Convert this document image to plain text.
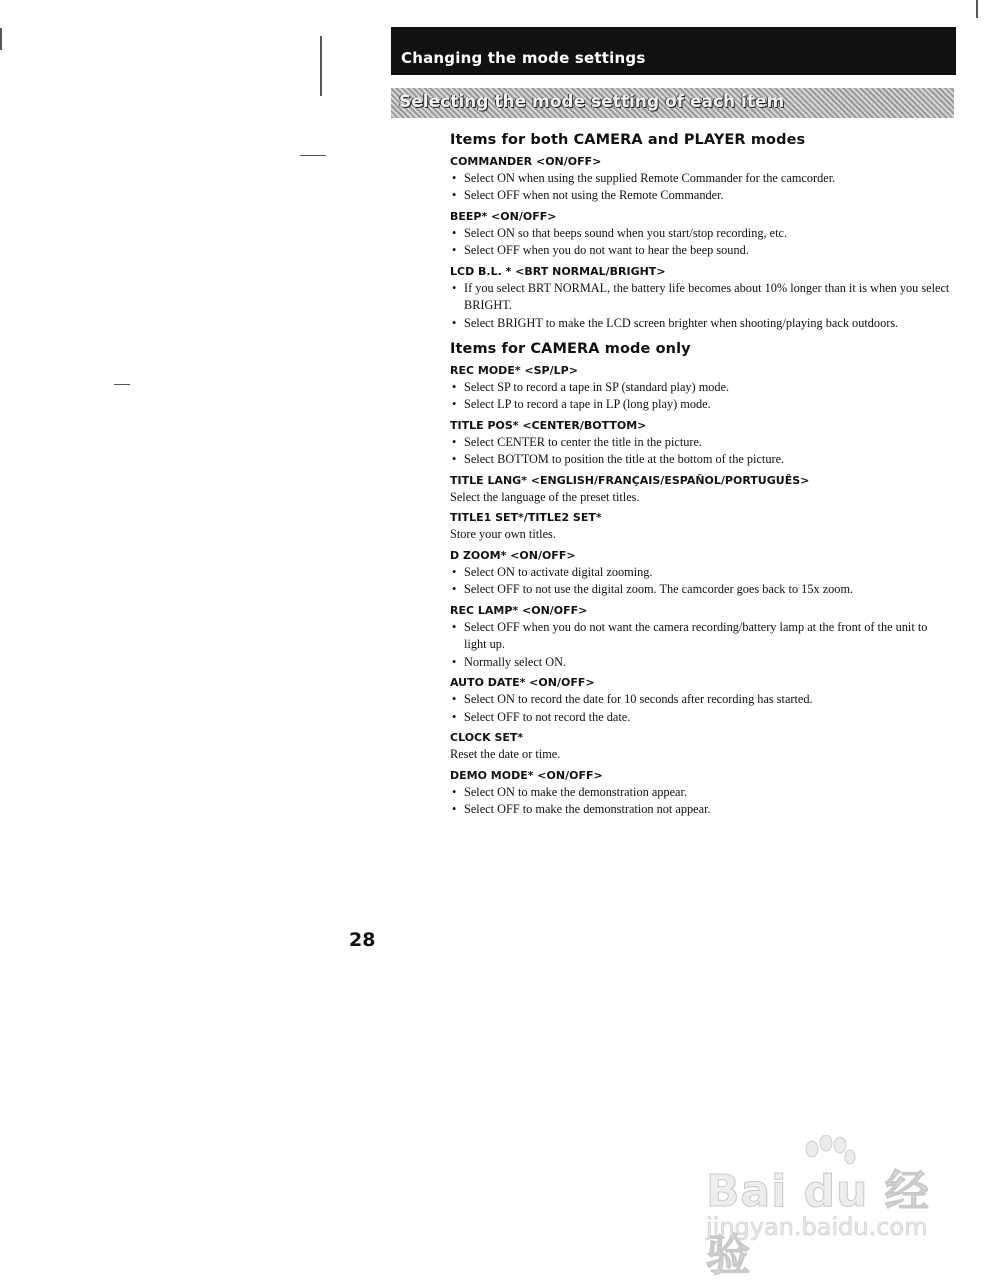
Changing the mode settings
Selecting the mode setting of each item
Items for both CAMERA and PLAYER modes
COMMANDER <ON/OFF>
• Select ON when using the supplied Remote Commander for the camcorder.
• Select OFF when not using the Remote Commander.
BEEP* <ON/OFF>
• Select ON so that beeps sound when you start/stop recording, etc.
• Select OFF when you do not want to hear the beep sound.
LCD B.L. * <BRT NORMAL/BRIGHT>
• If you select BRT NORMAL, the battery life becomes about 10% longer than it is when you select BRIGHT.
• Select BRIGHT to make the LCD screen brighter when shooting/playing back outdoors.
Items for CAMERA mode only
REC MODE* <SP/LP>
• Select SP to record a tape in SP (standard play) mode.
• Select LP to record a tape in LP (long play) mode.
TITLE POS* <CENTER/BOTTOM>
• Select CENTER to center the title in the picture.
• Select BOTTOM to position the title at the bottom of the picture.
TITLE LANG* <ENGLISH/FRANÇAIS/ESPAÑOL/PORTUGUÊS>

Select the language of the preset titles.

TITLE1 SET*/TITLE2 SET*

Store your own titles.

D ZOOM* <ON/OFF>
• Select ON to activate digital zooming.
• Select OFF to not use the digital zoom. The camcorder goes back to 15x zoom.
REC LAMP* <ON/OFF>
• Select OFF when you do not want the camera recording/battery lamp at the front of the unit to light up.
• Normally select ON.
AUTO DATE* <ON/OFF>
• Select ON to record the date for 10 seconds after recording has started.
• Select OFF to not record the date.
CLOCK SET*

Reset the date or time.

DEMO MODE* <ON/OFF>
• Select ON to make the demonstration appear.
• Select OFF to make the demonstration not appear.
28
Bai du 经验
jingyan.baidu.com
